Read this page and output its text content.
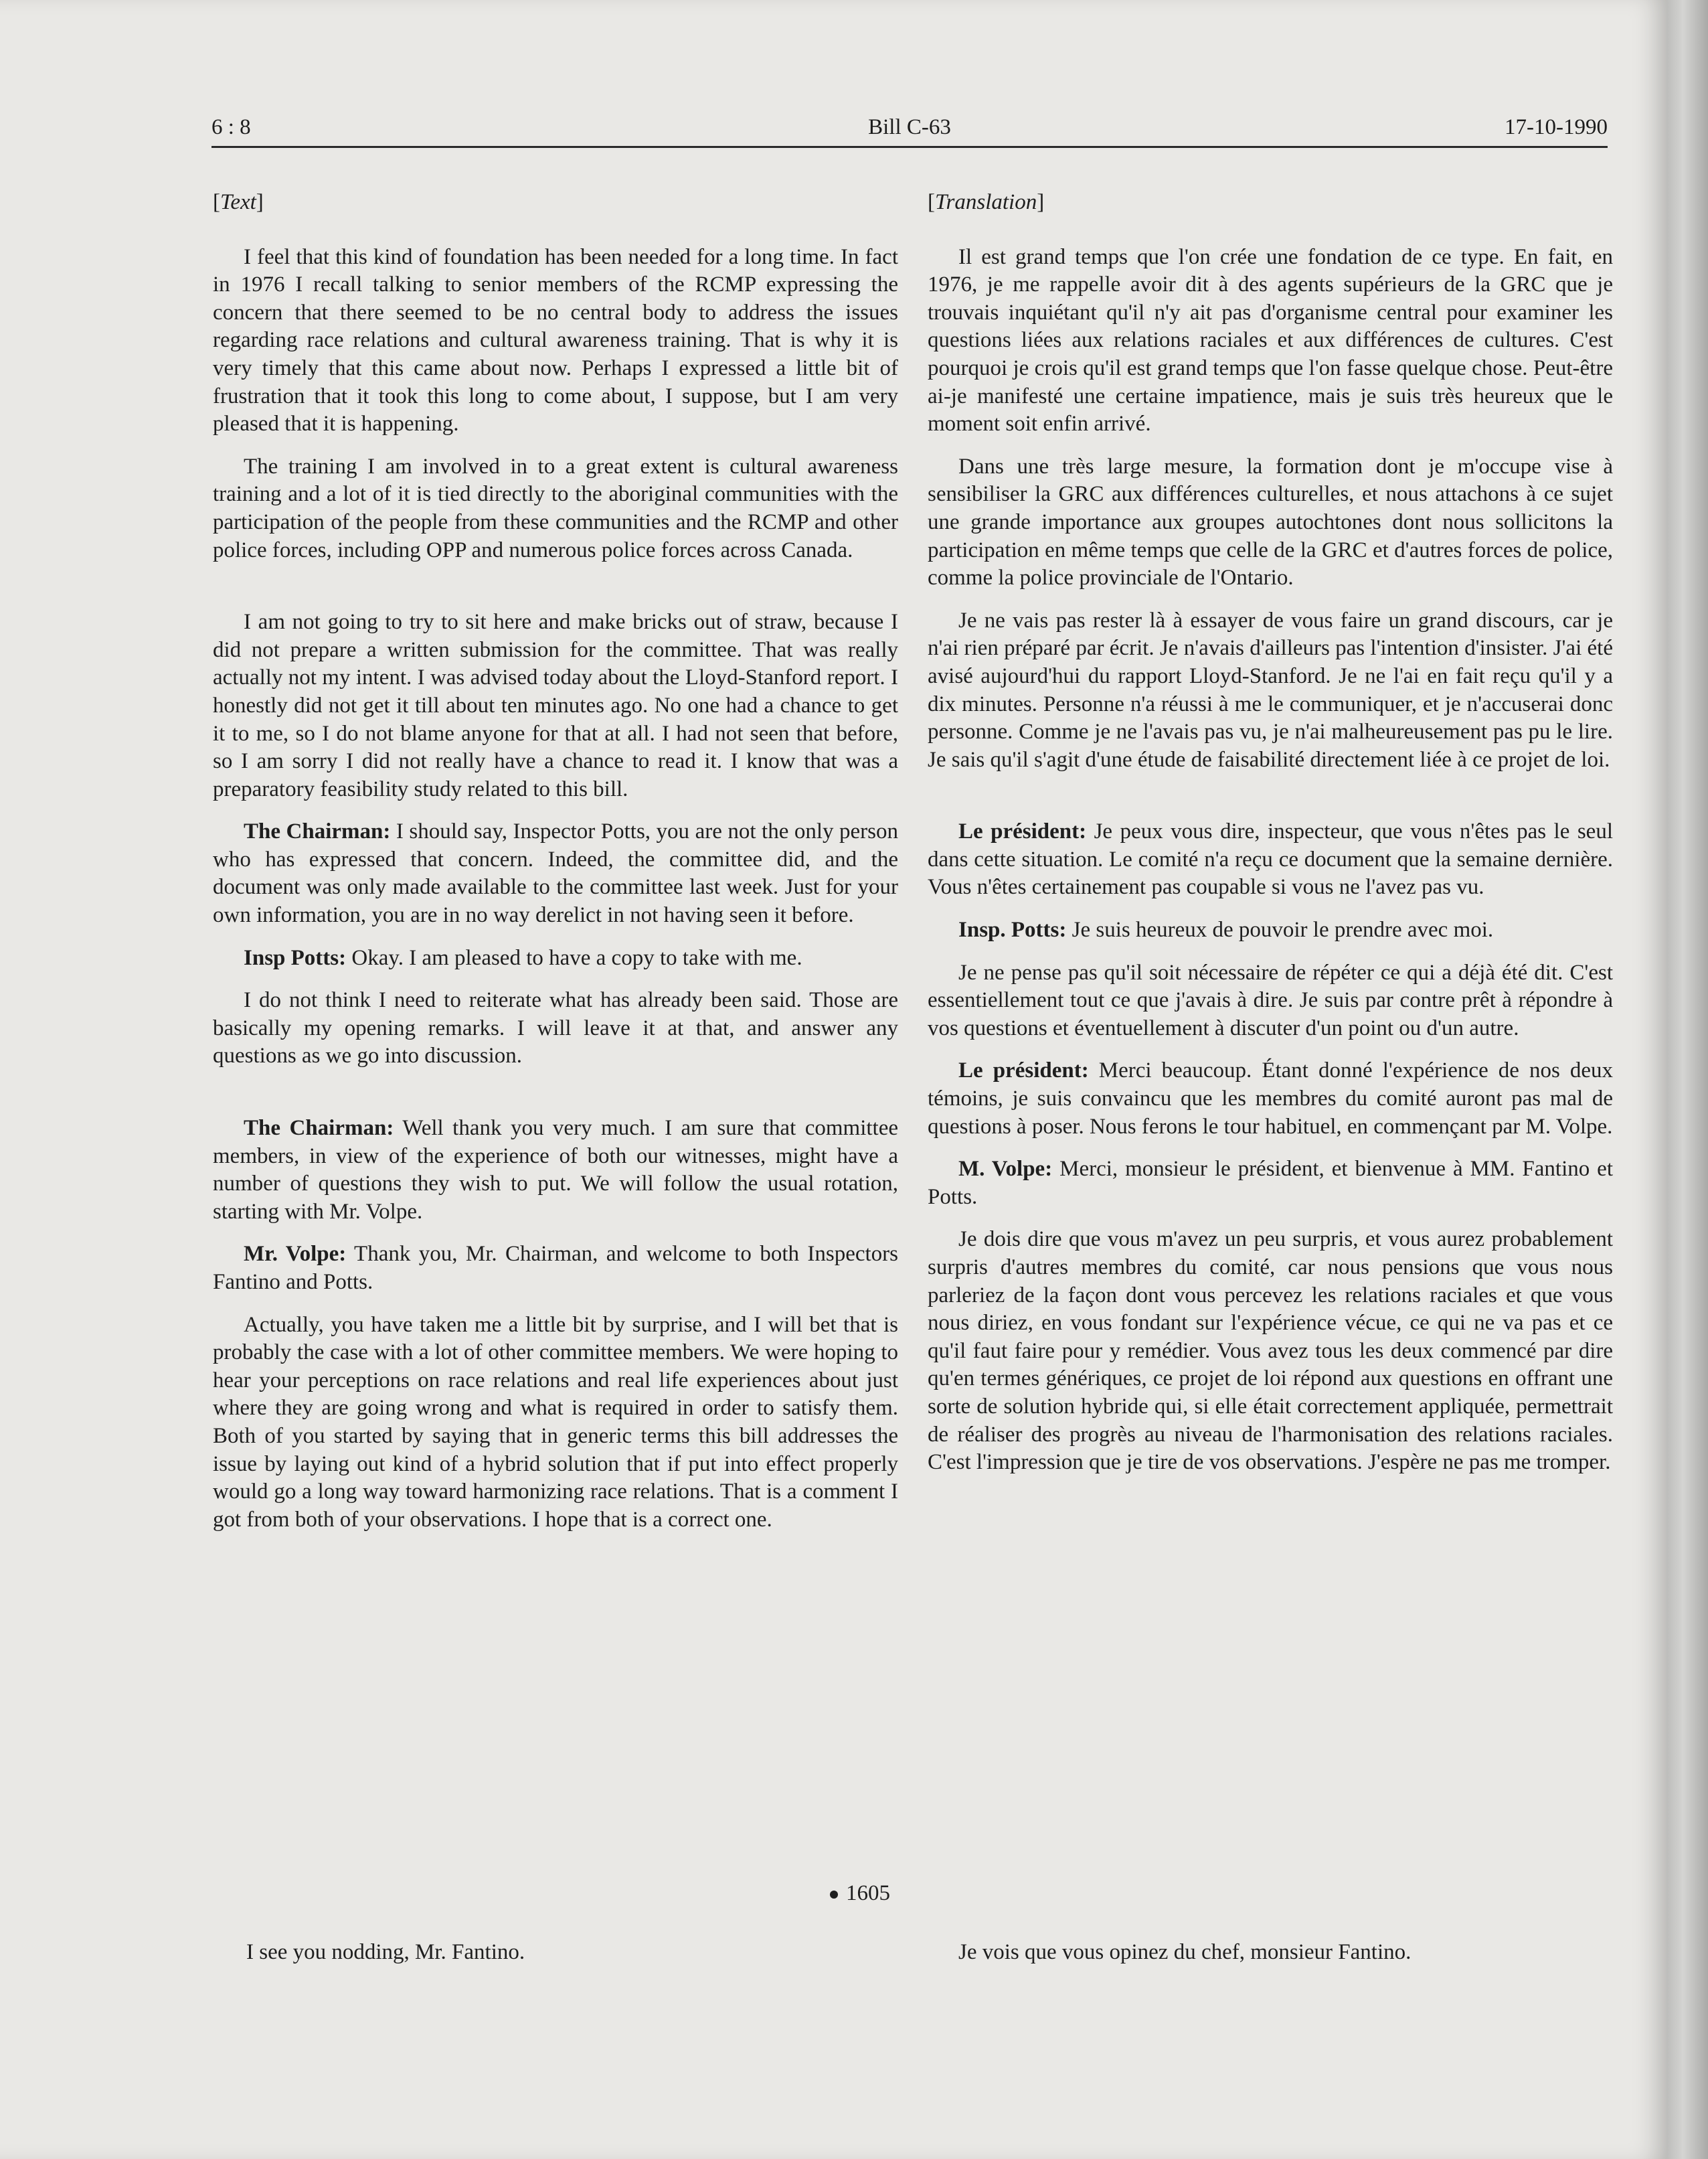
6 : 8	Bill C-63	17-10-1990

[Text]

I feel that this kind of foundation has been needed for a long time. In fact in 1976 I recall talking to senior members of the RCMP expressing the concern that there seemed to be no central body to address the issues regarding race relations and cultural awareness training. That is why it is very timely that this came about now. Perhaps I expressed a little bit of frustration that it took this long to come about, I suppose, but I am very pleased that it is happening.

The training I am involved in to a great extent is cultural awareness training and a lot of it is tied directly to the aboriginal communities with the participation of the people from these communities and the RCMP and other police forces, including OPP and numerous police forces across Canada.

I am not going to try to sit here and make bricks out of straw, because I did not prepare a written submission for the committee. That was really actually not my intent. I was advised today about the Lloyd-Stanford report. I honestly did not get it till about ten minutes ago. No one had a chance to get it to me, so I do not blame anyone for that at all. I had not seen that before, so I am sorry I did not really have a chance to read it. I know that was a preparatory feasibility study related to this bill.

The Chairman: I should say, Inspector Potts, you are not the only person who has expressed that concern. Indeed, the committee did, and the document was only made available to the committee last week. Just for your own information, you are in no way derelict in not having seen it before.

Insp Potts: Okay. I am pleased to have a copy to take with me.

I do not think I need to reiterate what has already been said. Those are basically my opening remarks. I will leave it at that, and answer any questions as we go into discussion.

The Chairman: Well thank you very much. I am sure that committee members, in view of the experience of both our witnesses, might have a number of questions they wish to put. We will follow the usual rotation, starting with Mr. Volpe.

Mr. Volpe: Thank you, Mr. Chairman, and welcome to both Inspectors Fantino and Potts.

Actually, you have taken me a little bit by surprise, and I will bet that is probably the case with a lot of other committee members. We were hoping to hear your perceptions on race relations and real life experiences about just where they are going wrong and what is required in order to satisfy them. Both of you started by saying that in generic terms this bill addresses the issue by laying out kind of a hybrid solution that if put into effect properly would go a long way toward harmonizing race relations. That is a comment I got from both of your observations. I hope that is a correct one.

[Translation]

Il est grand temps que l'on crée une fondation de ce type. En fait, en 1976, je me rappelle avoir dit à des agents supérieurs de la GRC que je trouvais inquiétant qu'il n'y ait pas d'organisme central pour examiner les questions liées aux relations raciales et aux différences de cultures. C'est pourquoi je crois qu'il est grand temps que l'on fasse quelque chose. Peut-être ai-je manifesté une certaine impatience, mais je suis très heureux que le moment soit enfin arrivé.

Dans une très large mesure, la formation dont je m'occupe vise à sensibiliser la GRC aux différences culturelles, et nous attachons à ce sujet une grande importance aux groupes autochtones dont nous sollicitons la participation en même temps que celle de la GRC et d'autres forces de police, comme la police provinciale de l'Ontario.

Je ne vais pas rester là à essayer de vous faire un grand discours, car je n'ai rien préparé par écrit. Je n'avais d'ailleurs pas l'intention d'insister. J'ai été avisé aujourd'hui du rapport Lloyd-Stanford. Je ne l'ai en fait reçu qu'il y a dix minutes. Personne n'a réussi à me le communiquer, et je n'accuserai donc personne. Comme je ne l'avais pas vu, je n'ai malheureusement pas pu le lire. Je sais qu'il s'agit d'une étude de faisabilité directement liée à ce projet de loi.

Le président: Je peux vous dire, inspecteur, que vous n'êtes pas le seul dans cette situation. Le comité n'a reçu ce document que la semaine dernière. Vous n'êtes certainement pas coupable si vous ne l'avez pas vu.

Insp. Potts: Je suis heureux de pouvoir le prendre avec moi.

Je ne pense pas qu'il soit nécessaire de répéter ce qui a déjà été dit. C'est essentiellement tout ce que j'avais à dire. Je suis par contre prêt à répondre à vos questions et éventuellement à discuter d'un point ou d'un autre.

Le président: Merci beaucoup. Étant donné l'expérience de nos deux témoins, je suis convaincu que les membres du comité auront pas mal de questions à poser. Nous ferons le tour habituel, en commençant par M. Volpe.

M. Volpe: Merci, monsieur le président, et bienvenue à MM. Fantino et Potts.

Je dois dire que vous m'avez un peu surpris, et vous aurez probablement surpris d'autres membres du comité, car nous pensions que vous nous parleriez de la façon dont vous percevez les relations raciales et que vous nous diriez, en vous fondant sur l'expérience vécue, ce qui ne va pas et ce qu'il faut faire pour y remédier. Vous avez tous les deux commencé par dire qu'en termes génériques, ce projet de loi répond aux questions en offrant une sorte de solution hybride qui, si elle était correctement appliquée, permettrait de réaliser des progrès au niveau de l'harmonisation des relations raciales. C'est l'impression que je tire de vos observations. J'espère ne pas me tromper.

1605
I see you nodding, Mr. Fantino.	Je vois que vous opinez du chef, monsieur Fantino.
